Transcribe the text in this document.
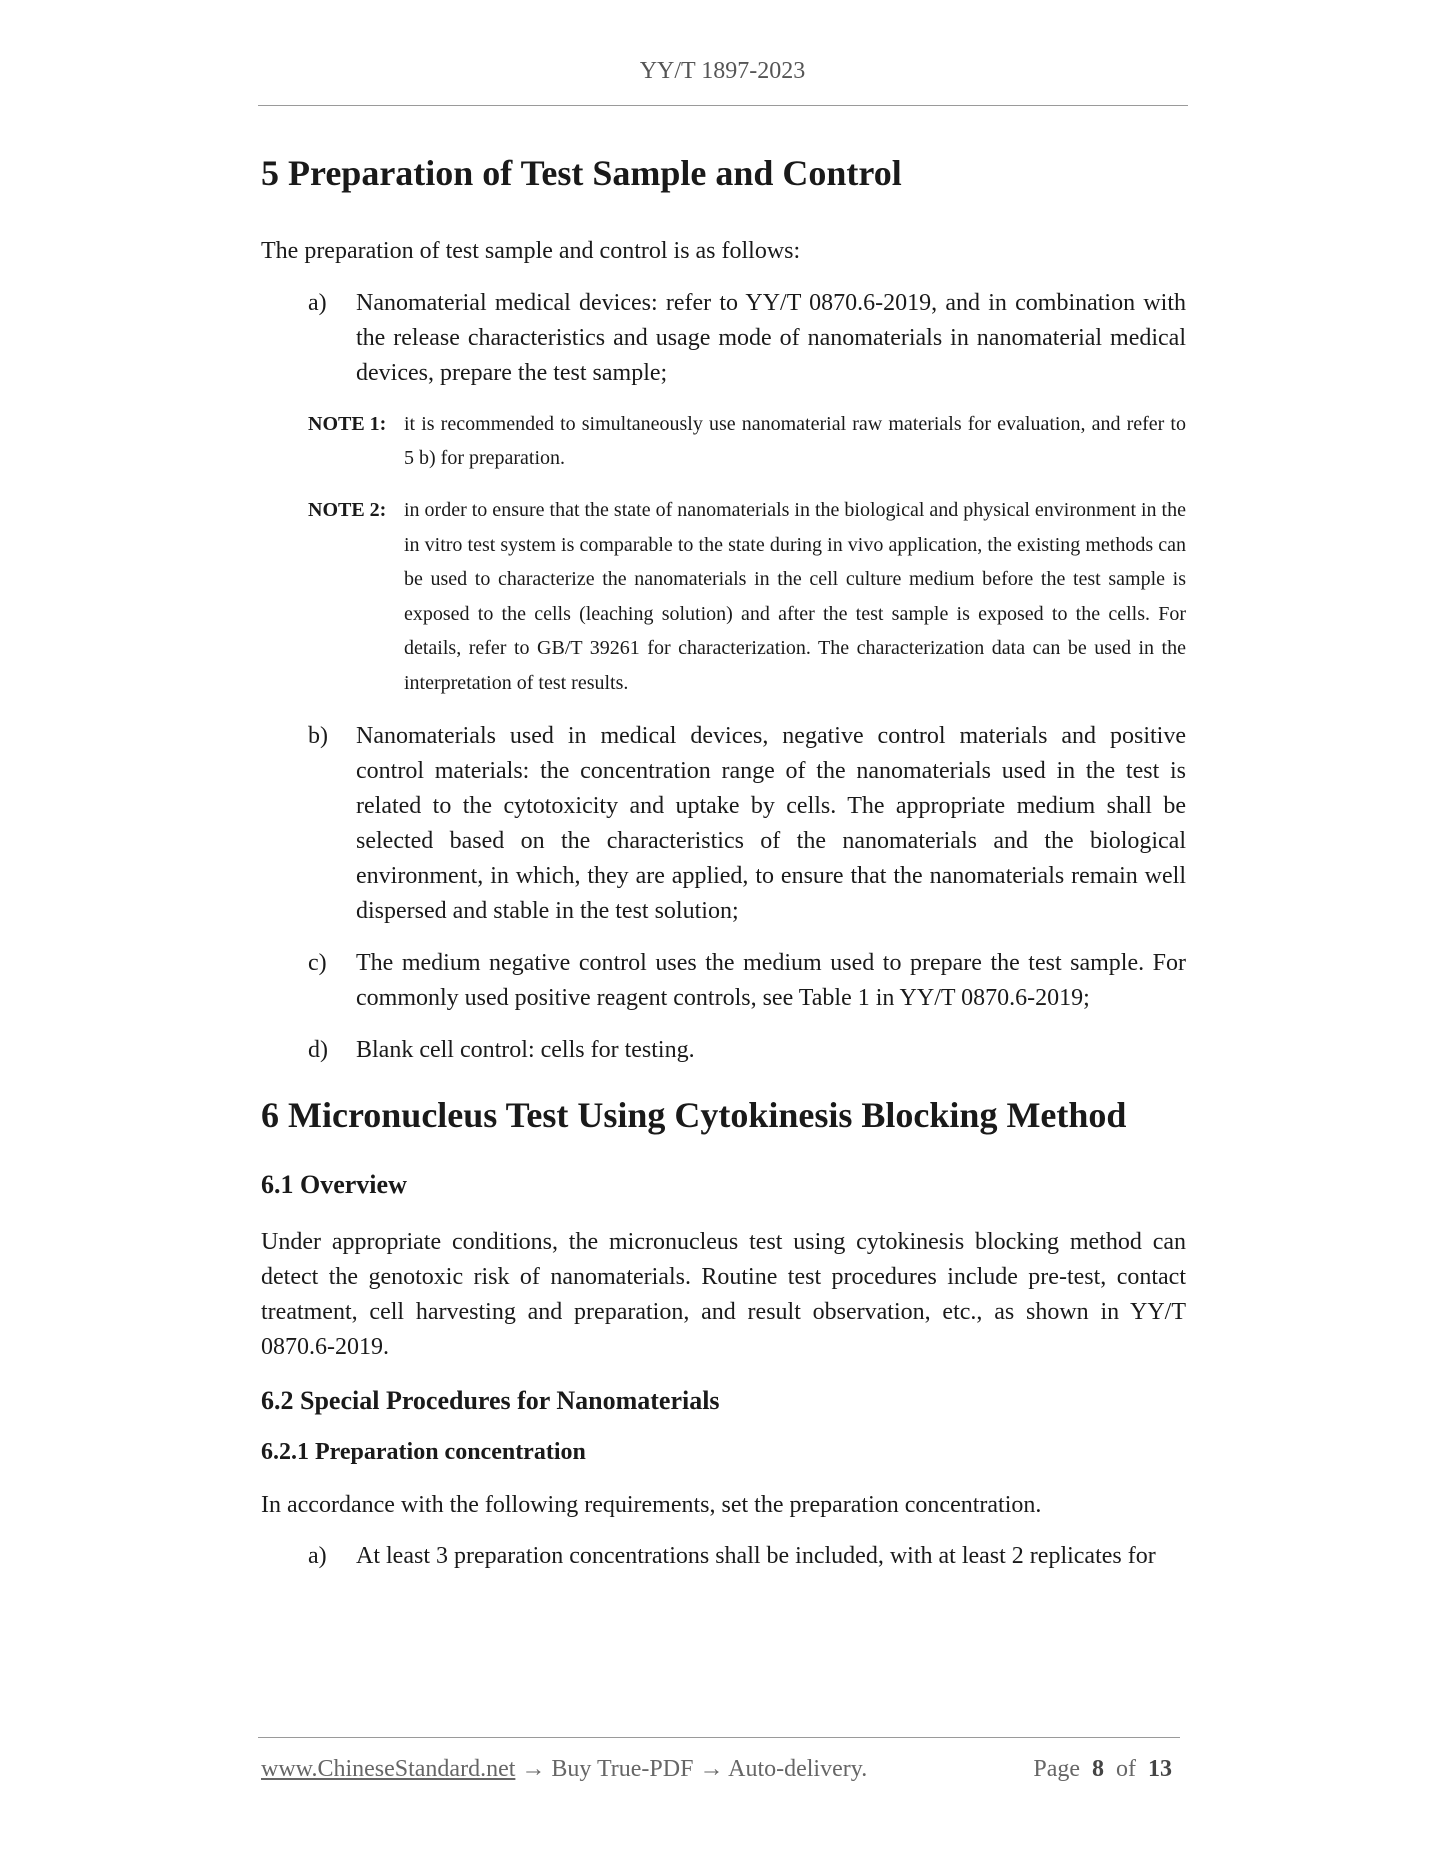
YY/T 1897-2023
5 Preparation of Test Sample and Control

The preparation of test sample and control is as follows:

a)	Nanomaterial medical devices: refer to YY/T 0870.6-2019, and in combination with the release characteristics and usage mode of nanomaterials in nanomaterial medical devices, prepare the test sample;
NOTE 1: it is recommended to simultaneously use nanomaterial raw materials for evaluation, and refer to 5 b) for preparation.
NOTE 2: in order to ensure that the state of nanomaterials in the biological and physical environment in the in vitro test system is comparable to the state during in vivo application, the existing methods can be used to characterize the nanomaterials in the cell culture medium before the test sample is exposed to the cells (leaching solution) and after the test sample is exposed to the cells. For details, refer to GB/T 39261 for characterization. The characterization data can be used in the interpretation of test results.
b)	Nanomaterials used in medical devices, negative control materials and positive control materials: the concentration range of the nanomaterials used in the test is related to the cytotoxicity and uptake by cells. The appropriate medium shall be selected based on the characteristics of the nanomaterials and the biological environment, in which, they are applied, to ensure that the nanomaterials remain well dispersed and stable in the test solution;
c)	The medium negative control uses the medium used to prepare the test sample. For commonly used positive reagent controls, see Table 1 in YY/T 0870.6-2019;
d)	Blank cell control: cells for testing.
6 Micronucleus Test Using Cytokinesis Blocking Method
6.1 Overview

Under appropriate conditions, the micronucleus test using cytokinesis blocking method can detect the genotoxic risk of nanomaterials. Routine test procedures include pre-test, contact treatment, cell harvesting and preparation, and result observation, etc., as shown in YY/T 0870.6-2019.

6.2 Special Procedures for Nanomaterials
6.2.1 Preparation concentration

In accordance with the following requirements, set the preparation concentration.

a)	At least 3 preparation concentrations shall be included, with at least 2 replicates for
www.ChineseStandard.net → Buy True-PDF → Auto-delivery.	Page 8 of 13
